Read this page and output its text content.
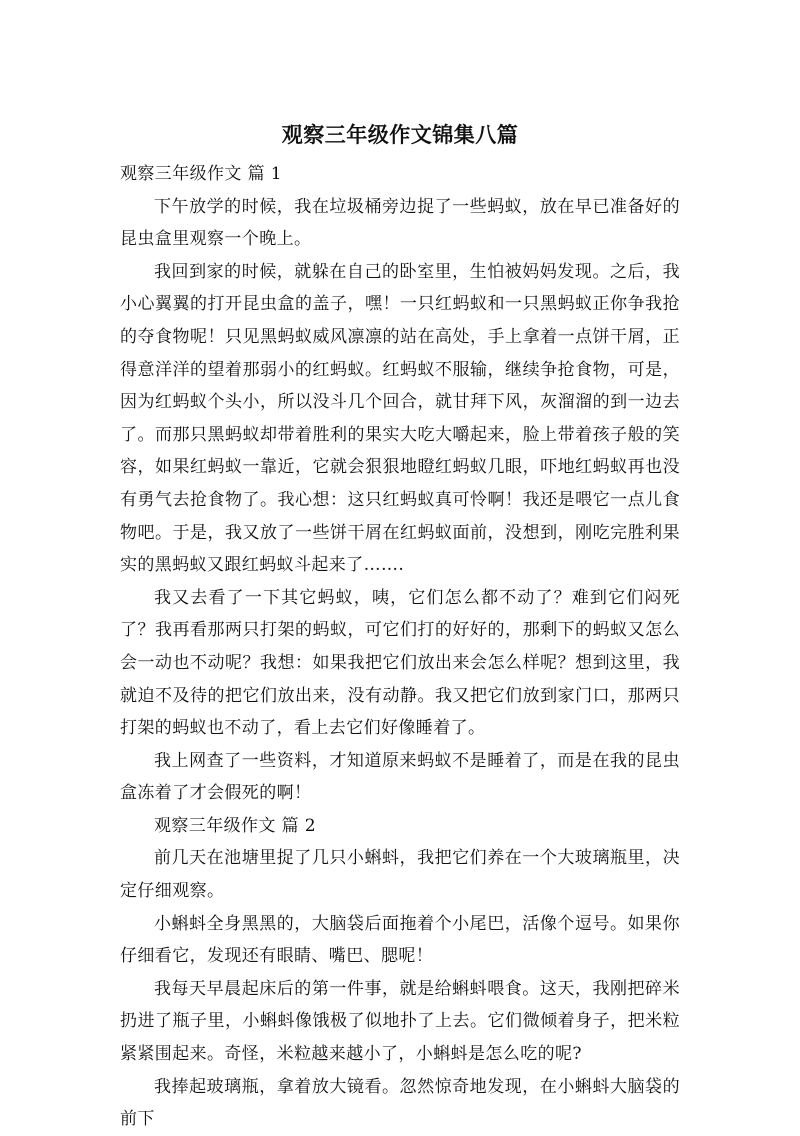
观察三年级作文锦集八篇

观察三年级作文 篇 1

下午放学的时候，我在垃圾桶旁边捉了一些蚂蚁，放在早已准备好的昆虫盒里观察一个晚上。

我回到家的时候，就躲在自己的卧室里，生怕被妈妈发现。之后，我小心翼翼的打开昆虫盒的盖子，嘿！一只红蚂蚁和一只黑蚂蚁正你争我抢的夺食物呢！只见黑蚂蚁威风凛凛的站在高处，手上拿着一点饼干屑，正得意洋洋的望着那弱小的红蚂蚁。红蚂蚁不服输，继续争抢食物，可是，因为红蚂蚁个头小，所以没斗几个回合，就甘拜下风，灰溜溜的到一边去了。而那只黑蚂蚁却带着胜利的果实大吃大嚼起来，脸上带着孩子般的笑容，如果红蚂蚁一靠近，它就会狠狠地瞪红蚂蚁几眼，吓地红蚂蚁再也没有勇气去抢食物了。我心想：这只红蚂蚁真可怜啊！我还是喂它一点儿食物吧。于是，我又放了一些饼干屑在红蚂蚁面前，没想到，刚吃完胜利果实的黑蚂蚁又跟红蚂蚁斗起来了…….

我又去看了一下其它蚂蚁，咦，它们怎么都不动了？难到它们闷死了？我再看那两只打架的蚂蚁，可它们打的好好的，那剩下的蚂蚁又怎么会一动也不动呢？我想：如果我把它们放出来会怎么样呢？想到这里，我就迫不及待的把它们放出来，没有动静。我又把它们放到家门口，那两只打架的蚂蚁也不动了，看上去它们好像睡着了。

我上网查了一些资料，才知道原来蚂蚁不是睡着了，而是在我的昆虫盒冻着了才会假死的啊！

观察三年级作文 篇 2

前几天在池塘里捉了几只小蝌蚪，我把它们养在一个大玻璃瓶里，决定仔细观察。

小蝌蚪全身黑黑的，大脑袋后面拖着个小尾巴，活像个逗号。如果你仔细看它，发现还有眼睛、嘴巴、腮呢！

我每天早晨起床后的第一件事，就是给蝌蚪喂食。这天，我刚把碎米扔进了瓶子里，小蝌蚪像饿极了似地扑了上去。它们微倾着身子，把米粒紧紧围起来。奇怪，米粒越来越小了，小蝌蚪是怎么吃的呢?

我捧起玻璃瓶，拿着放大镜看。忽然惊奇地发现，在小蝌蚪大脑袋的前下
